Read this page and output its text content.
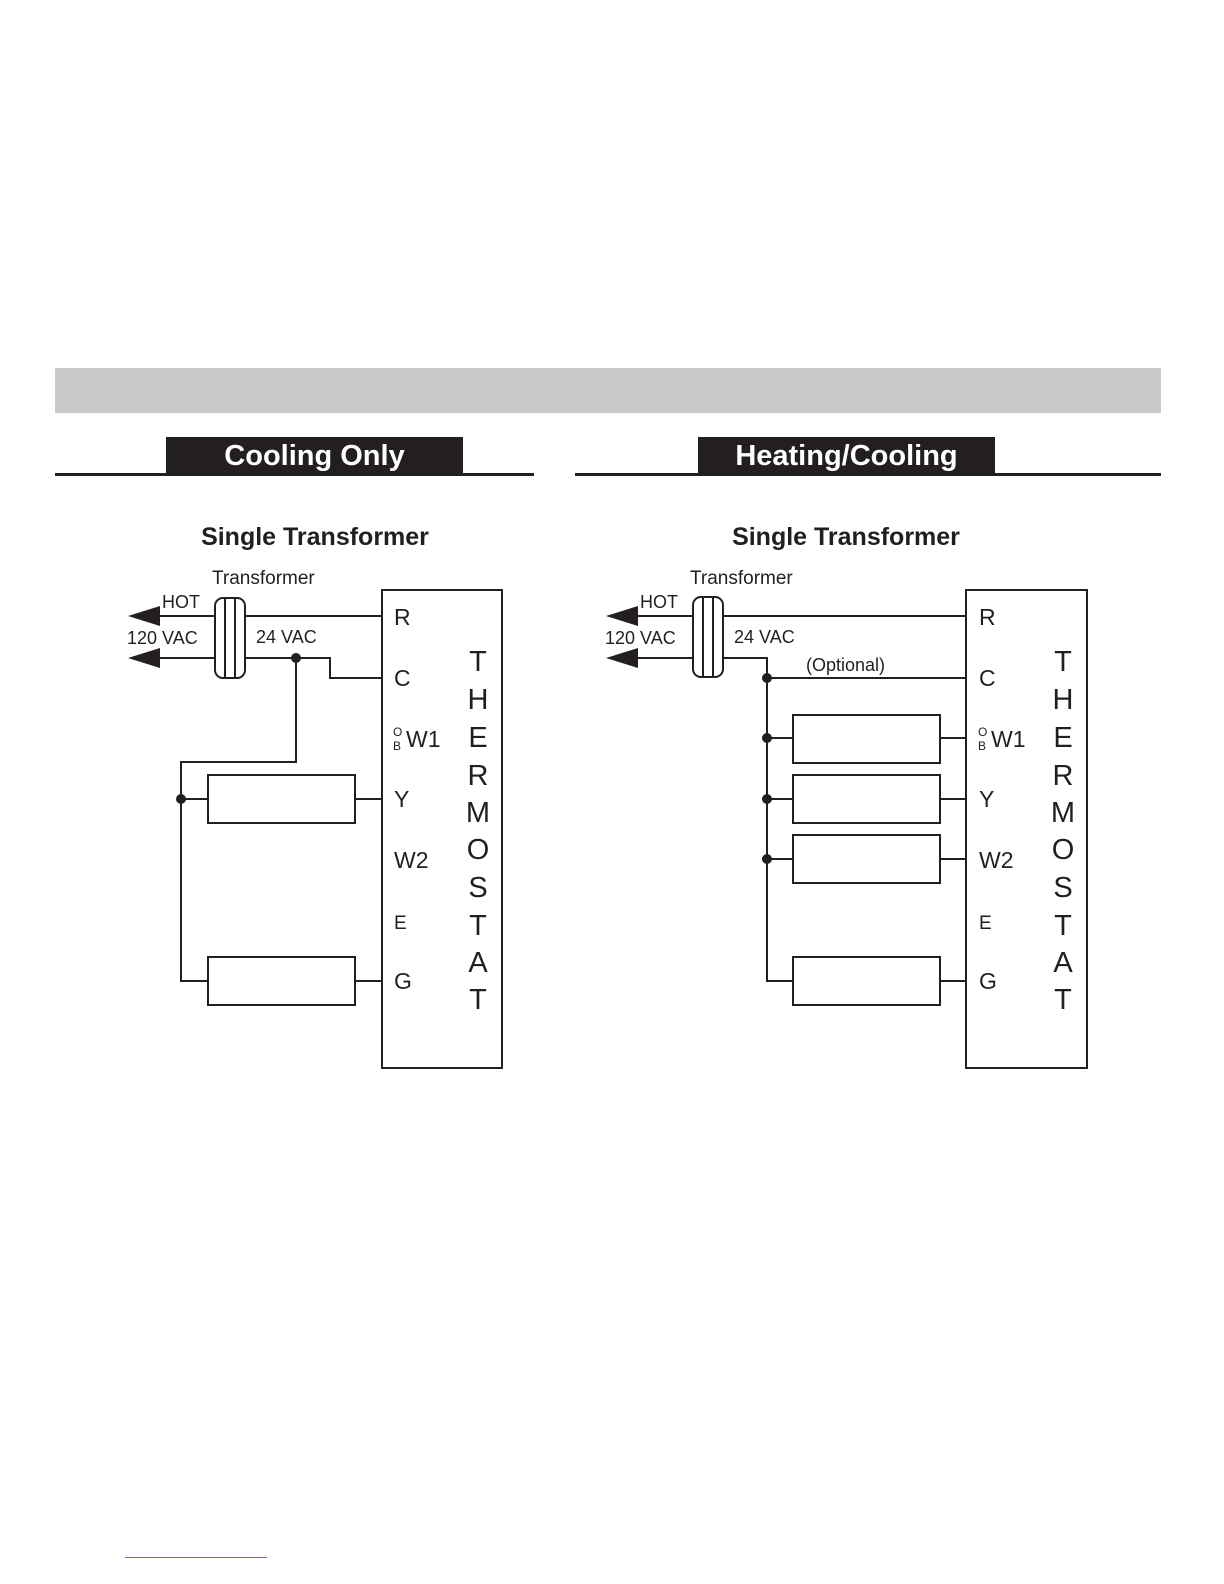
Cooling Only	Heating/Cooling
Single Transformer
Transformer
HOT
120 VAC	24 VAC
R
C
O
B W1
Y
W2
E
G
T
H
E
R
M
O
S
T
A
T
Single Transformer
Transformer
HOT
120 VAC	24 VAC
(Optional)
R
C
O
B W1
Y
W2
E
G
T
H
E
R
M
O
S
T
A
T
